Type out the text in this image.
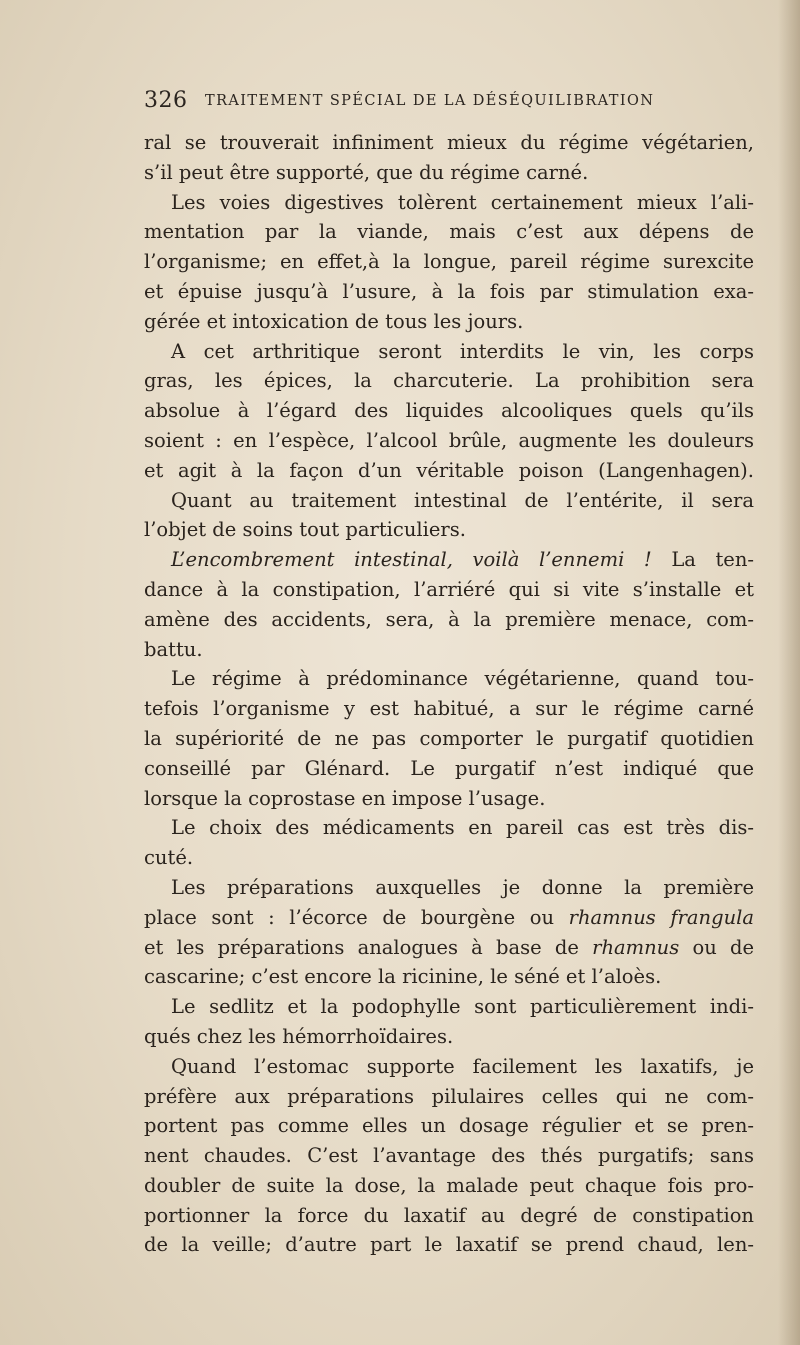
326 TRAITEMENT SPÉCIAL DE LA DÉSÉQUILIBRATION
ral se trouverait infiniment mieux du régime végétarien,
s’il peut être supporté, que du régime carné.
Les voies digestives tolèrent certainement mieux l’ali-
mentation par la viande, mais c’est aux dépens de
l’organisme; en effet,à la longue, pareil régime surexcite
et épuise jusqu’à l’usure, à la fois par stimulation exa-
gérée et intoxication de tous les jours.
A cet arthritique seront interdits le vin, les corps
gras, les épices, la charcuterie. La prohibition sera
absolue à l’égard des liquides alcooliques quels qu’ils
soient : en l’espèce, l’alcool brûle, augmente les douleurs
et agit à la façon d’un véritable poison (Langenhagen).
Quant au traitement intestinal de l’entérite, il sera
l’objet de soins tout particuliers.
L’encombrement intestinal, voilà l’ennemi ! La ten-
dance à la constipation, l’arriéré qui si vite s’installe et
amène des accidents, sera, à la première menace, com-
battu.
Le régime à prédominance végétarienne, quand tou-
tefois l’organisme y est habitué, a sur le régime carné
la supériorité de ne pas comporter le purgatif quotidien
conseillé par Glénard. Le purgatif n’est indiqué que
lorsque la coprostase en impose l’usage.
Le choix des médicaments en pareil cas est très dis-
cuté.
Les préparations auxquelles je donne la première
place sont : l’écorce de bourgène ou rhamnus frangula
et les préparations analogues à base de rhamnus ou de
cascarine; c’est encore la ricinine, le séné et l’aloès.
Le sedlitz et la podophylle sont particulièrement indi-
qués chez les hémorrhoïdaires.
Quand l’estomac supporte facilement les laxatifs, je
préfère aux préparations pilulaires celles qui ne com-
portent pas comme elles un dosage régulier et se pren-
nent chaudes. C’est l’avantage des thés purgatifs; sans
doubler de suite la dose, la malade peut chaque fois pro-
portionner la force du laxatif au degré de constipation
de la veille; d’autre part le laxatif se prend chaud, len-
